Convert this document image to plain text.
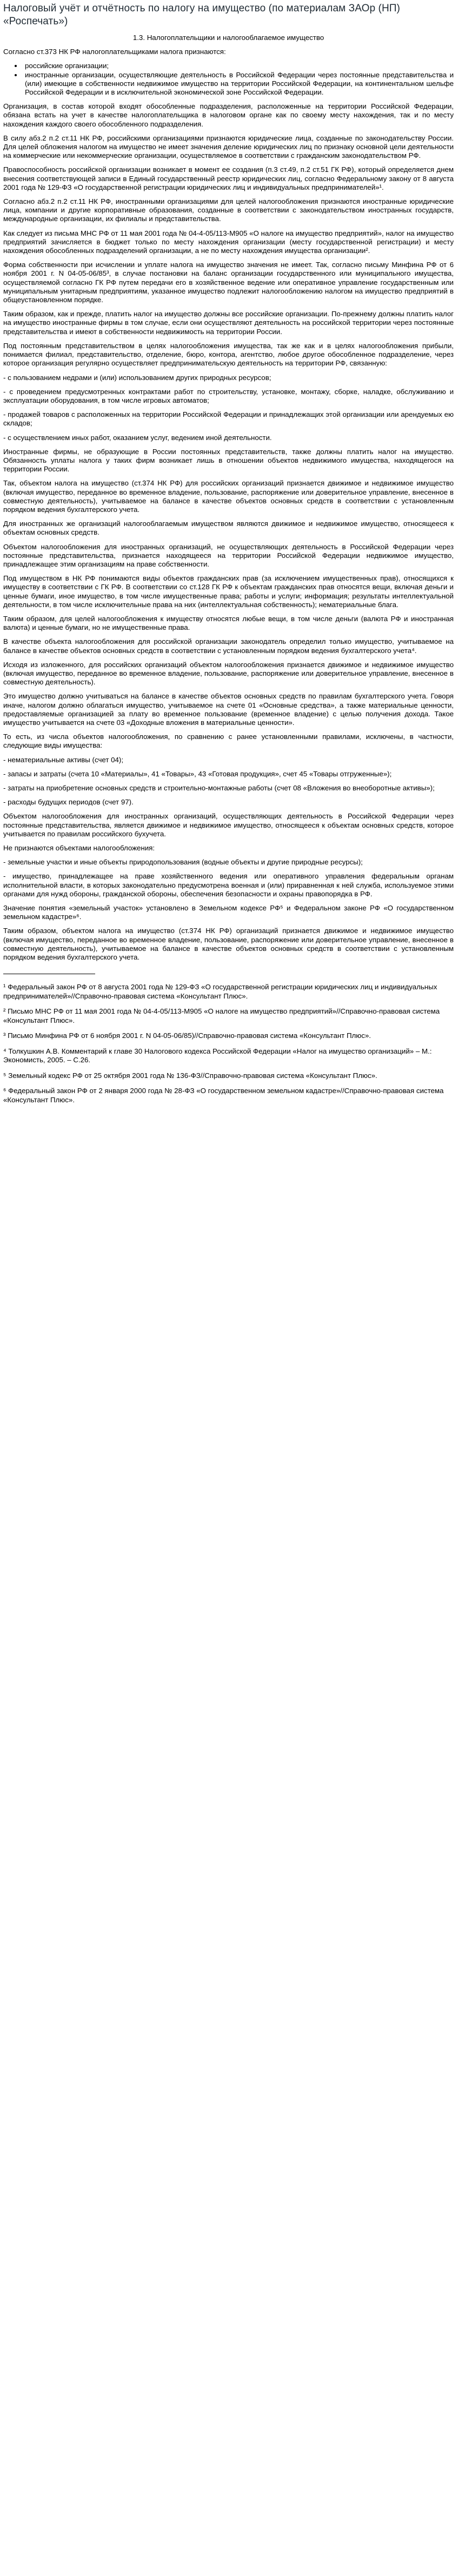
Налоговый учёт и отчётность по налогу на имущество (по материалам ЗАОр (НП) «Роспечать»)

1.3. Налогоплательщики и налогооблагаемое имущество

Согласно ст.373 НК РФ налогоплательщиками налога признаются:

• российские организации;
• иностранные организации, осуществляющие деятельность в Российской Федерации через постоянные представительства и (или) имеющие в собственности недвижимое имущество на территории Российской Федерации, на континентальном шельфе Российской Федерации и в исключительной экономической зоне Российской Федерации.

Организация, в состав которой входят обособленные подразделения, расположенные на территории Российской Федерации, обязана встать на учет в качестве налогоплательщика в налоговом органе как по своему месту нахождения, так и по месту нахождения каждого своего обособленного подразделения.

В силу абз.2 п.2 ст.11 НК РФ, российскими организациями признаются юридические лица, созданные по законодательству России. Для целей обложения налогом на имущество не имеет значения деление юридических лиц по признаку основной цели деятельности на коммерческие или некоммерческие организации, осуществляемое в соответствии с гражданским законодательством РФ.

Правоспособность российской организации возникает в момент ее создания (п.3 ст.49, п.2 ст.51 ГК РФ), который определяется днем внесения соответствующей записи в Единый государственный реестр юридических лиц, согласно Федеральному закону от 8 августа 2001 года № 129-ФЗ «О государственной регистрации юридических лиц и индивидуальных предпринимателей»¹.

Согласно абз.2 п.2 ст.11 НК РФ, иностранными организациями для целей налогообложения признаются иностранные юридические лица, компании и другие корпоративные образования, созданные в соответствии с законодательством иностранных государств, международные организации, их филиалы и представительства.

Как следует из письма МНС РФ от 11 мая 2001 года № 04-4-05/113-М905 «О налоге на имущество предприятий», налог на имущество предприятий зачисляется в бюджет только по месту нахождения организации (месту государственной регистрации) и месту нахождения обособленных подразделений организации, а не по месту нахождения имущества организации².

Форма собственности при исчислении и уплате налога на имущество значения не имеет. Так, согласно письму Минфина РФ от 6 ноября 2001 г. N 04-05-06/85³, в случае постановки на баланс организации государственного или муниципального имущества, осуществляемой согласно ГК РФ путем передачи его в хозяйственное ведение или оперативное управление государственным или муниципальным унитарным предприятиям, указанное имущество подлежит налогообложению налогом на имущество предприятий в общеустановленном порядке.

Таким образом, как и прежде, платить налог на имущество должны все российские организации. По-прежнему должны платить налог на имущество иностранные фирмы в том случае, если они осуществляют деятельность на российской территории через постоянные представительства и имеют в собственности недвижимость на территории России.

Под постоянным представительством в целях налогообложения имущества, так же как и в целях налогообложения прибыли, понимается филиал, представительство, отделение, бюро, контора, агентство, любое другое обособленное подразделение, через которое организация регулярно осуществляет предпринимательскую деятельность на территории РФ, связанную:

- с пользованием недрами и (или) использованием других природных ресурсов;

- с проведением предусмотренных контрактами работ по строительству, установке, монтажу, сборке, наладке, обслуживанию и эксплуатации оборудования, в том числе игровых автоматов;

- продажей товаров с расположенных на территории Российской Федерации и принадлежащих этой организации или арендуемых ею складов;

- с осуществлением иных работ, оказанием услуг, ведением иной деятельности.

Иностранные фирмы, не образующие в России постоянных представительств, также должны платить налог на имущество. Обязанность уплаты налога у таких фирм возникает лишь в отношении объектов недвижимого имущества, находящегося на территории России.

Так, объектом налога на имущество (ст.374 НК РФ) для российских организаций признается движимое и недвижимое имущество (включая имущество, переданное во временное владение, пользование, распоряжение или доверительное управление, внесенное в совместную деятельность), учитываемое на балансе в качестве объектов основных средств в соответствии с установленным порядком ведения бухгалтерского учета.

Для иностранных же организаций налогооблагаемым имуществом являются движимое и недвижимое имущество, относящееся к объектам основных средств.

Объектом налогообложения для иностранных организаций, не осуществляющих деятельность в Российской Федерации через постоянные представительства, признается находящееся на территории Российской Федерации недвижимое имущество, принадлежащее этим организациям на праве собственности.

Под имуществом в НК РФ понимаются виды объектов гражданских прав (за исключением имущественных прав), относящихся к имуществу в соответствии с ГК РФ. В соответствии со ст.128 ГК РФ к объектам гражданских прав относятся вещи, включая деньги и ценные бумаги, иное имущество, в том числе имущественные права; работы и услуги; информация; результаты интеллектуальной деятельности, в том числе исключительные права на них (интеллектуальная собственность); нематериальные блага.

Таким образом, для целей налогообложения к имуществу относятся любые вещи, в том числе деньги (валюта РФ и иностранная валюта) и ценные бумаги, но не имущественные права.

В качестве объекта налогообложения для российской организации законодатель определил только имущество, учитываемое на балансе в качестве объектов основных средств в соответствии с установленным порядком ведения бухгалтерского учета⁴.

Исходя из изложенного, для российских организаций объектом налогообложения признается движимое и недвижимое имущество (включая имущество, переданное во временное владение, пользование, распоряжение или доверительное управление, внесенное в совместную деятельность).

Это имущество должно учитываться на балансе в качестве объектов основных средств по правилам бухгалтерского учета. Говоря иначе, налогом должно облагаться имущество, учитываемое на счете 01 «Основные средства», а также материальные ценности, предоставляемые организацией за плату во временное пользование (временное владение) с целью получения дохода. Такое имущество учитывается на счете 03 «Доходные вложения в материальные ценности».

То есть, из числа объектов налогообложения, по сравнению с ранее установленными правилами, исключены, в частности, следующие виды имущества:

- нематериальные активы (счет 04);

- запасы и затраты (счета 10 «Материалы», 41 «Товары», 43 «Готовая продукция», счет 45 «Товары отгруженные»);

- затраты на приобретение основных средств и строительно-монтажные работы (счет 08 «Вложения во внеоборотные активы»);

- расходы будущих периодов (счет 97).

Объектом налогообложения для иностранных организаций, осуществляющих деятельность в Российской Федерации через постоянные представительства, является движимое и недвижимое имущество, относящееся к объектам основных средств, которое учитывается по правилам российского бухучета.

Не признаются объектами налогообложения:

- земельные участки и иные объекты природопользования (водные объекты и другие природные ресурсы);

- имущество, принадлежащее на праве хозяйственного ведения или оперативного управления федеральным органам исполнительной власти, в которых законодательно предусмотрена военная и (или) приравненная к ней служба, используемое этими органами для нужд обороны, гражданской обороны, обеспечения безопасности и охраны правопорядка в РФ.

Значение понятия «земельный участок» установлено в Земельном кодексе РФ⁵ и Федеральном законе РФ «О государственном земельном кадастре»⁶.

Таким образом, объектом налога на имущество (ст.374 НК РФ) организаций признается движимое и недвижимое имущество (включая имущество, переданное во временное владение, пользование, распоряжение или доверительное управление, внесенное в совместную деятельность), учитываемое на балансе в качестве объектов основных средств в соответствии с установленным порядком ведения бухгалтерского учета.

¹ Федеральный закон РФ от 8 августа 2001 года № 129-ФЗ «О государственной регистрации юридических лиц и индивидуальных предпринимателей»//Справочно-правовая система «Консультант Плюс».

² Письмо МНС РФ от 11 мая 2001 года № 04-4-05/113-М905 «О налоге на имущество предприятий»//Справочно-правовая система «Консультант Плюс».

³ Письмо Минфина РФ от 6 ноября 2001 г. N 04-05-06/85)//Справочно-правовая система «Консультант Плюс».

⁴ Толкушкин А.В. Комментарий к главе 30 Налогового кодекса Российской Федерации «Налог на имущество организаций» – М.: Экономисть, 2005. – С.26.

⁵ Земельный кодекс РФ от 25 октября 2001 года № 136-ФЗ//Справочно-правовая система «Консультант Плюс».

⁶ Федеральный закон РФ от 2 января 2000 года № 28-ФЗ «О государственном земельном кадастре»//Справочно-правовая система «Консультант Плюс».
